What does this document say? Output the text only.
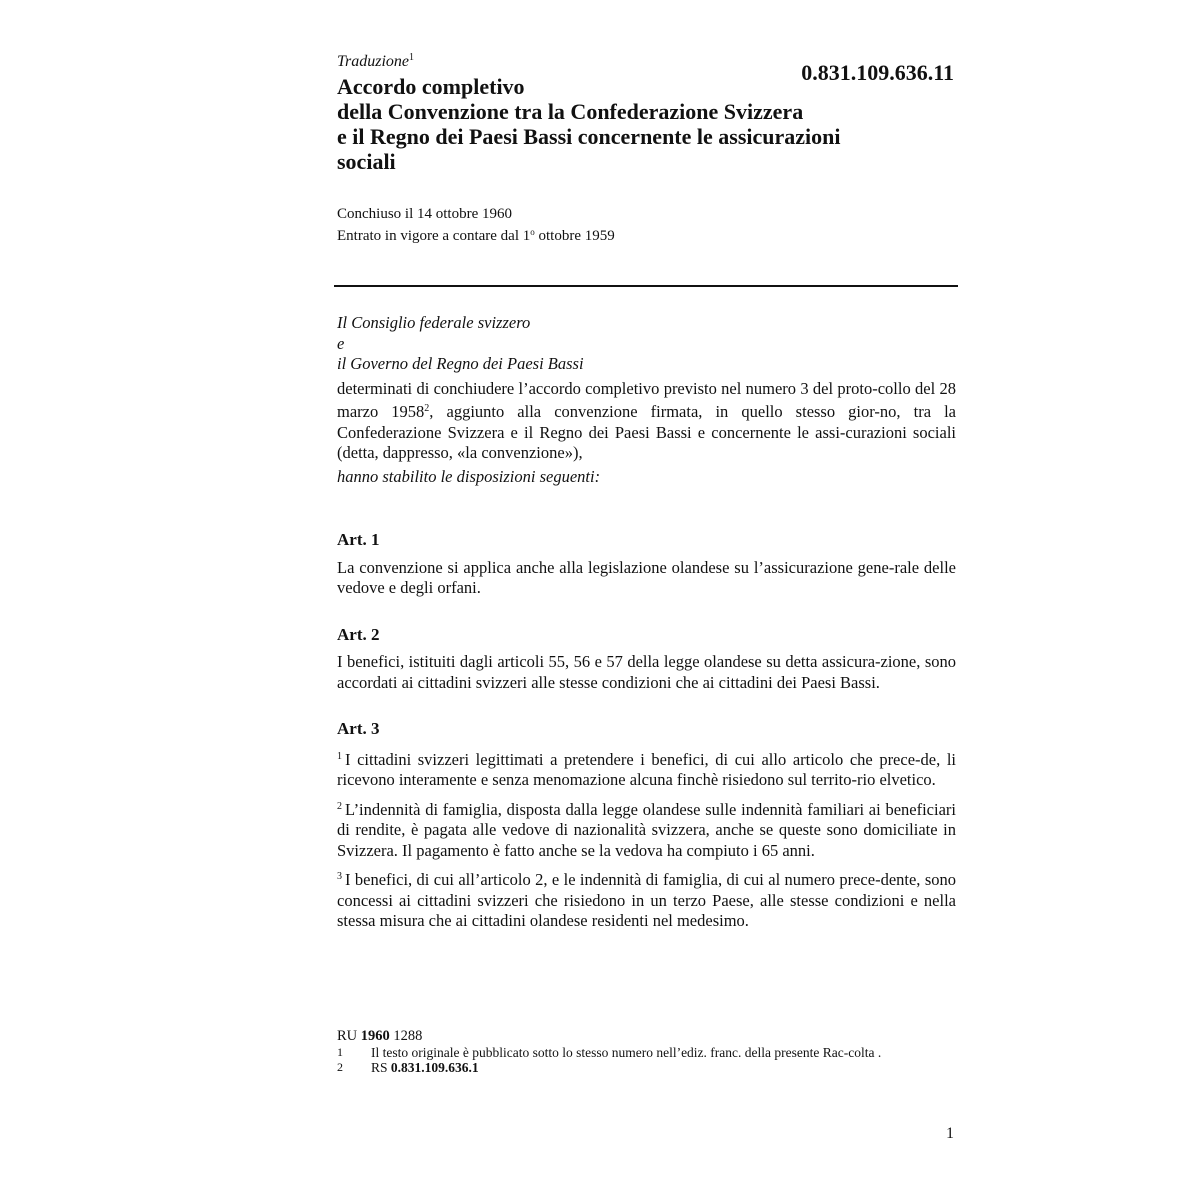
Traduzione$^1$
0.831.109.636.11
Accordo completivo
della Convenzione tra la Confederazione Svizzera
e il Regno dei Paesi Bassi concernente le assicurazioni
sociali
Conchiuso il 14 ottobre 1960
Entrato in vigore a contare dal 1$^o$ ottobre 1959

Il Consiglio federale svizzero

e

il Governo del Regno dei Paesi Bassi

determinati di conchiudere l’accordo completivo previsto nel numero 3 del proto-collo del 28 marzo 1958$^2$, aggiunto alla convenzione firmata, in quello stesso gior-no, tra la Confederazione Svizzera e il Regno dei Paesi Bassi e concernente le assi-curazioni sociali (detta, dappresso, «la convenzione»),

hanno stabilito le disposizioni seguenti:

Art. 1

La convenzione si applica anche alla legislazione olandese su l’assicurazione gene-rale delle vedove e degli orfani.

Art. 2

I benefici, istituiti dagli articoli 55, 56 e 57 della legge olandese su detta assicura-zione, sono accordati ai cittadini svizzeri alle stesse condizioni che ai cittadini dei Paesi Bassi.

Art. 3

$^1$ I cittadini svizzeri legittimati a pretendere i benefici, di cui allo articolo che prece-de, li ricevono interamente e senza menomazione alcuna finchè risiedono sul territo-rio elvetico.

$^2$ L’indennità di famiglia, disposta dalla legge olandese sulle indennità familiari ai beneficiari di rendite, è pagata alle vedove di nazionalità svizzera, anche se queste sono domiciliate in Svizzera. Il pagamento è fatto anche se la vedova ha compiuto i 65 anni.

$^3$ I benefici, di cui all’articolo 2, e le indennità di famiglia, di cui al numero prece-dente, sono concessi ai cittadini svizzeri che risiedono in un terzo Paese, alle stesse condizioni e nella stessa misura che ai cittadini olandese residenti nel medesimo.

RU 1960 1288
1	Il testo originale è pubblicato sotto lo stesso numero nell’ediz. franc. della presente Rac-colta .
2	RS 0.831.109.636.1
1
